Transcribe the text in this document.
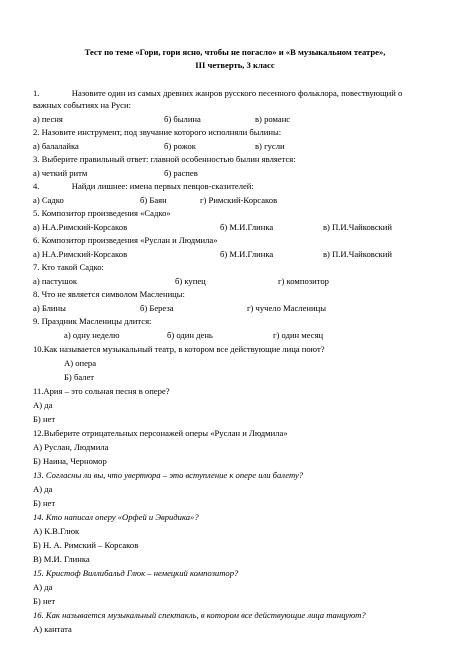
Тест по теме «Гори, гори ясно, чтобы не погасло» и «В музыкальном театре»,
III четверть, 3 класс
1.	Назовите один из самых древних жанров русского песенного фольклора, повествующий о
важных событиях на Руси:
а) песня	б) былина	в) романс
2. Назовите инструмент, под звучание которого исполняли былины:
а) балалайка	б) рожок	в) гусли
3. Выберите правильный ответ: главной особенностью былин является:
а) четкий ритм	б) распев
4.	Найди лишнее: имена первых певцов-сказителей:
а) Садко	б) Баян	г) Римский-Корсаков
5. Композитор произведения «Садко»
а) Н.А.Римский-Корсаков	б) М.И.Глинка	в) П.И.Чайковский
6. Композитор произведения «Руслан и Людмила»
а) Н.А.Римский-Корсаков	б) М.И.Глинка	в) П.И.Чайковский
7. Кто такой Садко:
а) пастушок	б) купец	г) композитор
8. Что не является символом Масленицы:
а) Блины	б) Береза	г) чучело Масленицы
9. Праздник Масленицы длится:
а) одну неделю	б) один день	г) один месяц
10.Как называется музыкальный театр, в котором все действующие лица поют?
А) опера
Б) балет
11.Ария – это сольная песня в опере?
А) да
Б) нет
12.Выберите отрицательных персонажей оперы «Руслан и Людмила»
А) Руслан, Людмила
Б) Наина, Черномор
13. Согласны ли вы, что увертюра – это вступление к опере или балету?
А) да
Б) нет
14. Кто написал оперу «Орфей и Эвридика»?
А) К.В.Глюк
Б) Н. А. Римский – Корсаков
В) М.И. Глинка
15. Кристоф Виллибальд Глюк – немецкий композитор?
А) да
Б) нет
16. Как называется музыкальный спектакль, в котором все действующие лица танцуют?
А) кантата
